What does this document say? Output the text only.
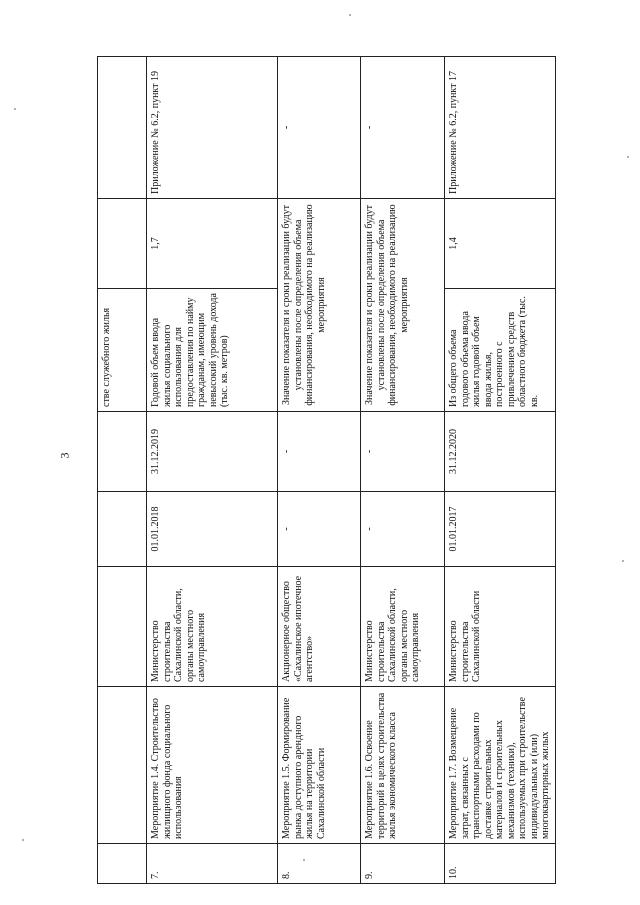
3
					стве служебного жилья		
7.	Мероприятие 1.4. Строительство жилищного фонда социального использования	Министерство строительства Сахалинской области, органы местного самоуправления	01.01.2018	31.12.2019	Годовой объем ввода жилья социального использования для предоставления по найму гражданам, имеющим невысокий уровень дохода (тыс. кв. метров)	1,7	Приложение № 6.2, пункт 19
8.	Мероприятие 1.5. Формирование рынка доступного арендного жилья на территории Сахалинской области	Акционерное общество «Сахалинское ипотечное агентство»	-	-	Значение показателя и сроки реализации будут установлены после определения объема финансирования, необходимого на реализацию мероприятия		-
9.	Мероприятие 1.6. Освоение территорий в целях строительства жилья экономического класса	Министерство строительства Сахалинской области, органы местного самоуправления	-	-	Значение показателя и сроки реализации будут установлены после определения объема финансирования, необходимого на реализацию мероприятия		-
10.	Мероприятие 1.7. Возмещение затрат, связанных с транспортными расходами по доставке строительных материалов и строительных механизмов (техники), используемых при строительстве индивидуальных и (или) многоквартирных жилых	Министерство строительства Сахалинской области	01.01.2017	31.12.2020	Из общего объема годового объема ввода жилья годовой объем ввода жилья, построенного с привлечением средств областного бюджета (тыс. кв.	1,4	Приложение № 6.2, пункт 17
